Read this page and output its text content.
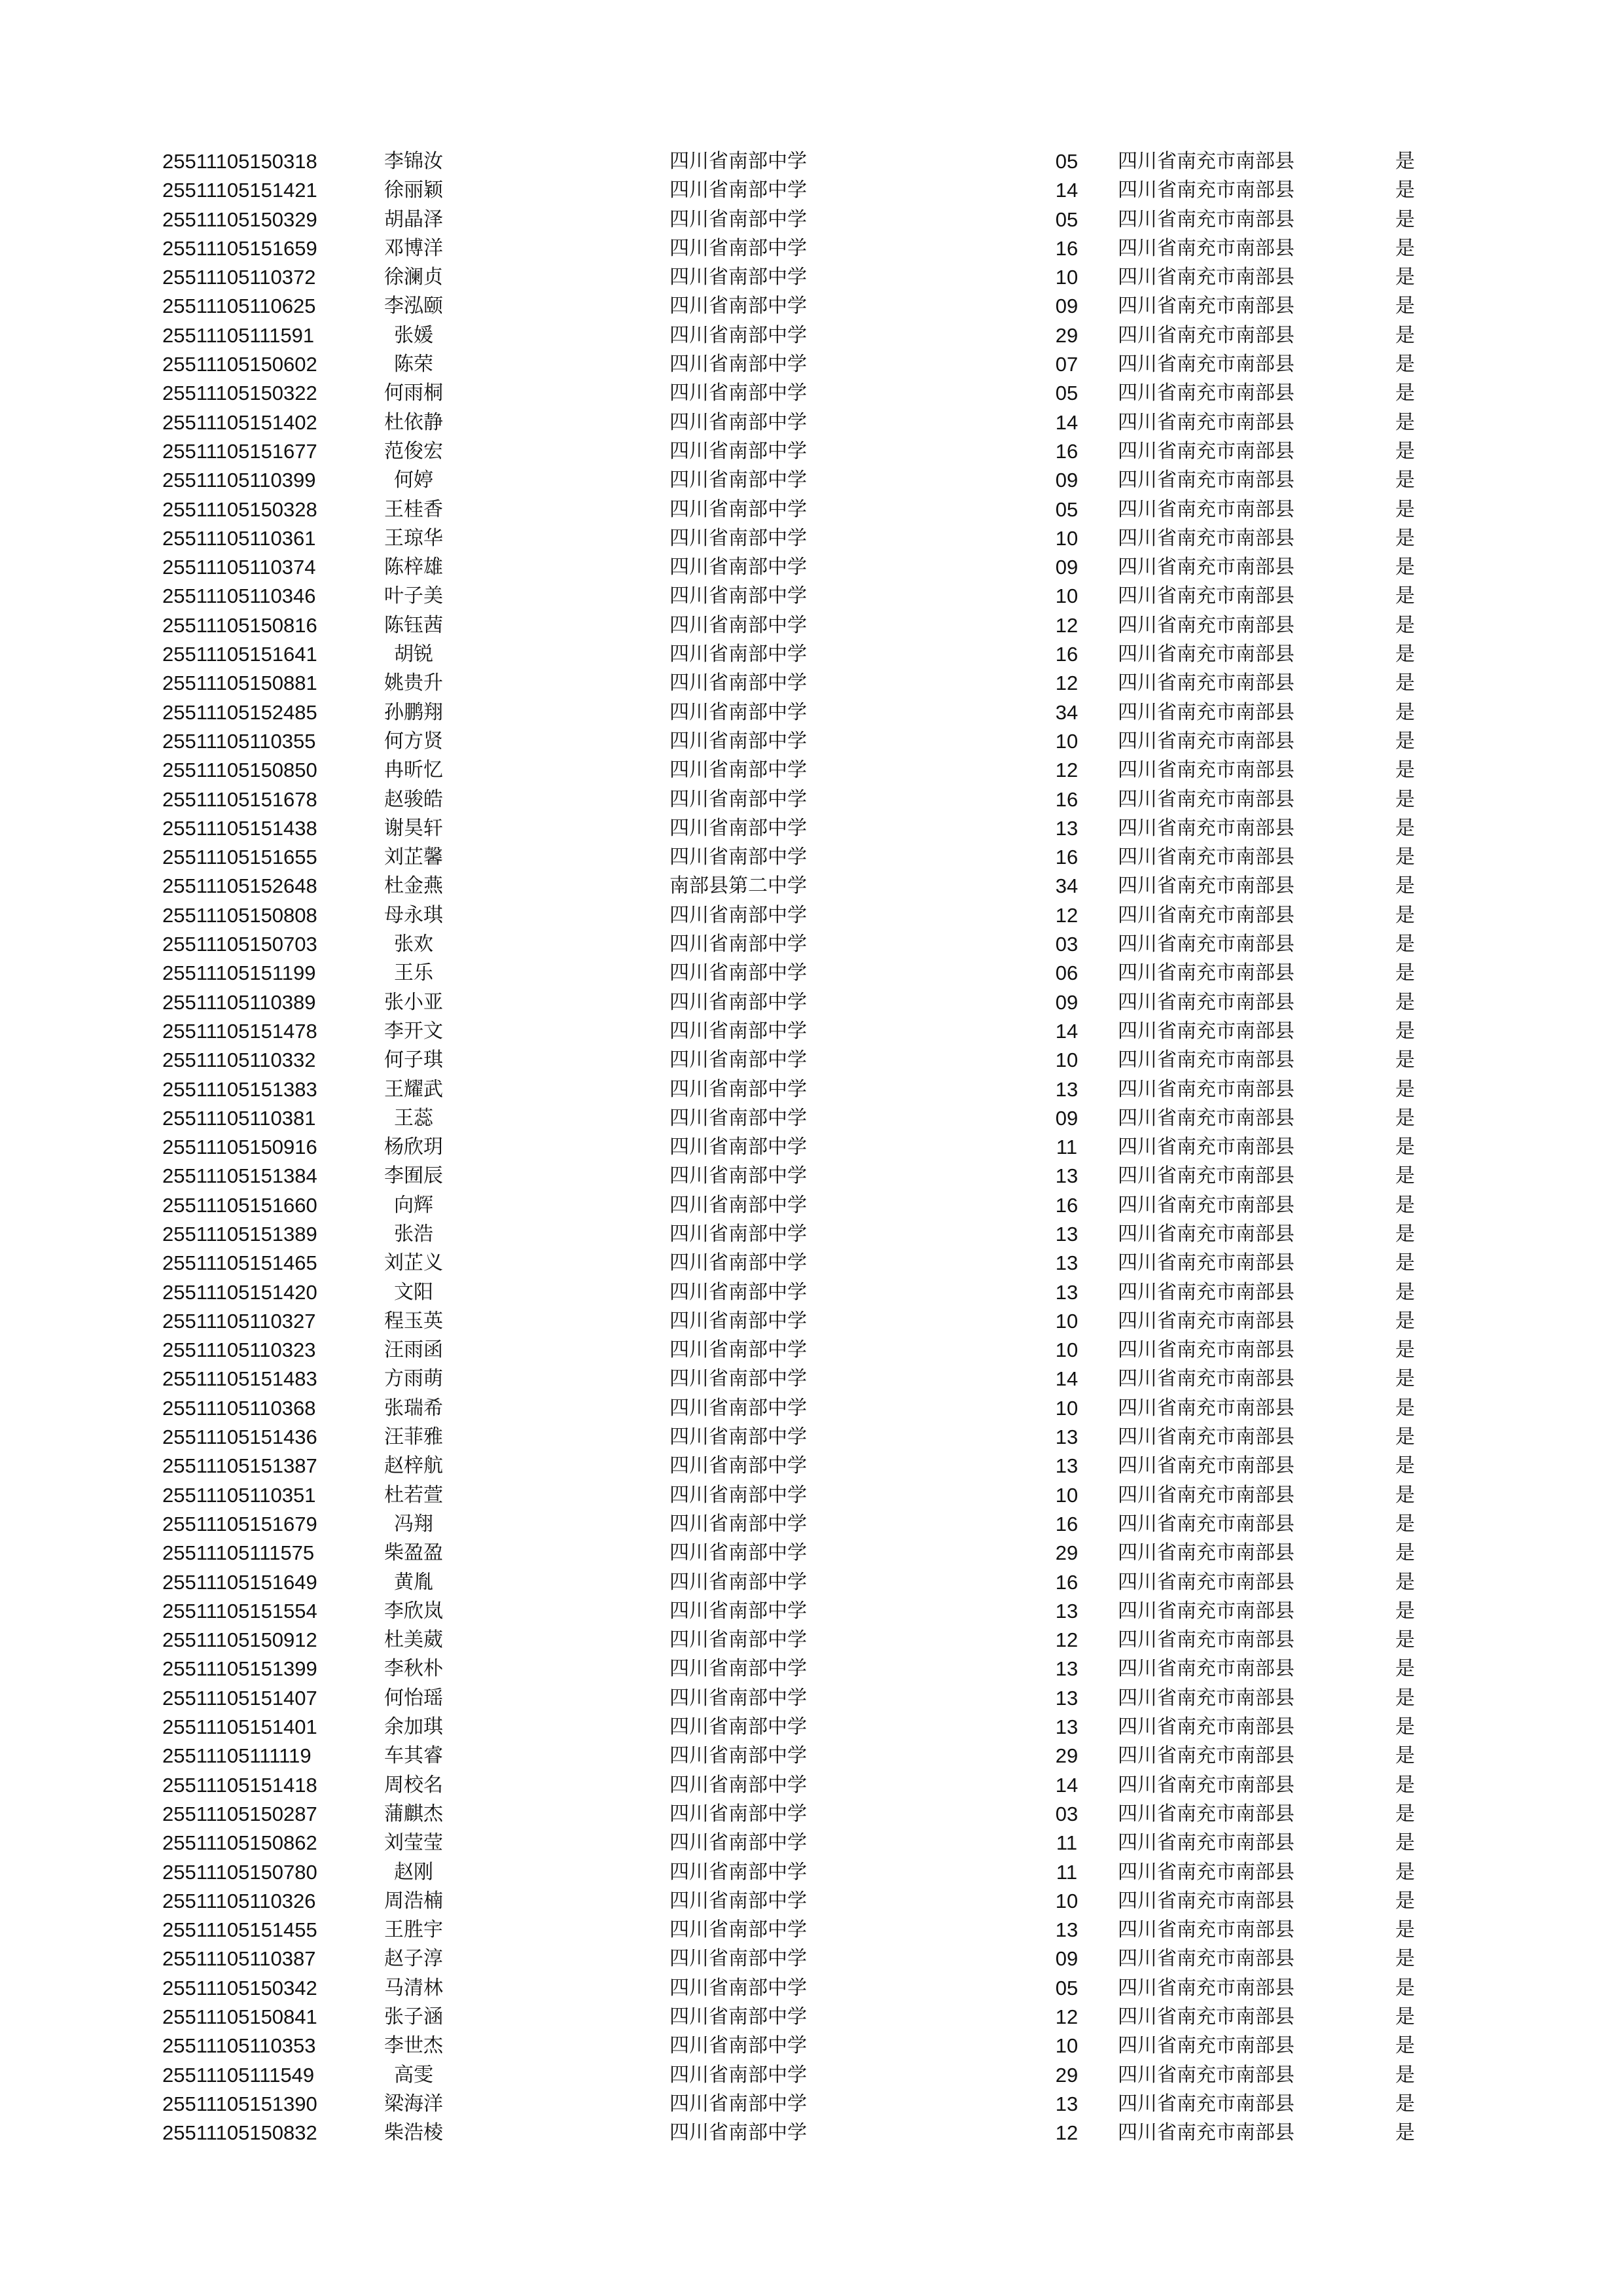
25511105150318	李锦汝	四川省南部中学	05 四川省南充市南部县	是
25511105151421	徐丽颖	四川省南部中学	14 四川省南充市南部县	是
25511105150329	胡晶泽	四川省南部中学	05 四川省南充市南部县	是
25511105151659	邓博洋	四川省南部中学	16 四川省南充市南部县	是
25511105110372	徐澜贞	四川省南部中学	10 四川省南充市南部县	是
25511105110625	李泓颐	四川省南部中学	09 四川省南充市南部县	是
25511105111591	张媛	四川省南部中学	29 四川省南充市南部县	是
25511105150602	陈荣	四川省南部中学	07 四川省南充市南部县	是
25511105150322	何雨桐	四川省南部中学	05 四川省南充市南部县	是
25511105151402	杜依静	四川省南部中学	14 四川省南充市南部县	是
25511105151677	范俊宏	四川省南部中学	16 四川省南充市南部县	是
25511105110399	何婷	四川省南部中学	09 四川省南充市南部县	是
25511105150328	王桂香	四川省南部中学	05 四川省南充市南部县	是
25511105110361	王琼华	四川省南部中学	10 四川省南充市南部县	是
25511105110374	陈梓雄	四川省南部中学	09 四川省南充市南部县	是
25511105110346	叶子美	四川省南部中学	10 四川省南充市南部县	是
25511105150816	陈钰茜	四川省南部中学	12 四川省南充市南部县	是
25511105151641	胡锐	四川省南部中学	16 四川省南充市南部县	是
25511105150881	姚贵升	四川省南部中学	12 四川省南充市南部县	是
25511105152485	孙鹏翔	四川省南部中学	34 四川省南充市南部县	是
25511105110355	何方贤	四川省南部中学	10 四川省南充市南部县	是
25511105150850	冉昕忆	四川省南部中学	12 四川省南充市南部县	是
25511105151678	赵骏皓	四川省南部中学	16 四川省南充市南部县	是
25511105151438	谢昊轩	四川省南部中学	13 四川省南充市南部县	是
25511105151655	刘芷馨	四川省南部中学	16 四川省南充市南部县	是
25511105152648	杜金燕	南部县第二中学	34 四川省南充市南部县	是
25511105150808	母永琪	四川省南部中学	12 四川省南充市南部县	是
25511105150703	张欢	四川省南部中学	03 四川省南充市南部县	是
25511105151199	王乐	四川省南部中学	06 四川省南充市南部县	是
25511105110389	张小亚	四川省南部中学	09 四川省南充市南部县	是
25511105151478	李开文	四川省南部中学	14 四川省南充市南部县	是
25511105110332	何子琪	四川省南部中学	10 四川省南充市南部县	是
25511105151383	王耀武	四川省南部中学	13 四川省南充市南部县	是
25511105110381	王蕊	四川省南部中学	09 四川省南充市南部县	是
25511105150916	杨欣玥	四川省南部中学	11 四川省南充市南部县	是
25511105151384	李囿辰	四川省南部中学	13 四川省南充市南部县	是
25511105151660	向辉	四川省南部中学	16 四川省南充市南部县	是
25511105151389	张浩	四川省南部中学	13 四川省南充市南部县	是
25511105151465	刘芷义	四川省南部中学	13 四川省南充市南部县	是
25511105151420	文阳	四川省南部中学	13 四川省南充市南部县	是
25511105110327	程玉英	四川省南部中学	10 四川省南充市南部县	是
25511105110323	汪雨函	四川省南部中学	10 四川省南充市南部县	是
25511105151483	方雨萌	四川省南部中学	14 四川省南充市南部县	是
25511105110368	张瑞希	四川省南部中学	10 四川省南充市南部县	是
25511105151436	汪菲雅	四川省南部中学	13 四川省南充市南部县	是
25511105151387	赵梓航	四川省南部中学	13 四川省南充市南部县	是
25511105110351	杜若萱	四川省南部中学	10 四川省南充市南部县	是
25511105151679	冯翔	四川省南部中学	16 四川省南充市南部县	是
25511105111575	柴盈盈	四川省南部中学	29 四川省南充市南部县	是
25511105151649	黄胤	四川省南部中学	16 四川省南充市南部县	是
25511105151554	李欣岚	四川省南部中学	13 四川省南充市南部县	是
25511105150912	杜美葳	四川省南部中学	12 四川省南充市南部县	是
25511105151399	李秋朴	四川省南部中学	13 四川省南充市南部县	是
25511105151407	何怡瑶	四川省南部中学	13 四川省南充市南部县	是
25511105151401	余加琪	四川省南部中学	13 四川省南充市南部县	是
25511105111119	车其睿	四川省南部中学	29 四川省南充市南部县	是
25511105151418	周校名	四川省南部中学	14 四川省南充市南部县	是
25511105150287	蒲麒杰	四川省南部中学	03 四川省南充市南部县	是
25511105150862	刘莹莹	四川省南部中学	11 四川省南充市南部县	是
25511105150780	赵刚	四川省南部中学	11 四川省南充市南部县	是
25511105110326	周浩楠	四川省南部中学	10 四川省南充市南部县	是
25511105151455	王胜宇	四川省南部中学	13 四川省南充市南部县	是
25511105110387	赵子淳	四川省南部中学	09 四川省南充市南部县	是
25511105150342	马清林	四川省南部中学	05 四川省南充市南部县	是
25511105150841	张子涵	四川省南部中学	12 四川省南充市南部县	是
25511105110353	李世杰	四川省南部中学	10 四川省南充市南部县	是
25511105111549	高雯	四川省南部中学	29 四川省南充市南部县	是
25511105151390	梁海洋	四川省南部中学	13 四川省南充市南部县	是
25511105150832	柴浩棱	四川省南部中学	12 四川省南充市南部县	是
